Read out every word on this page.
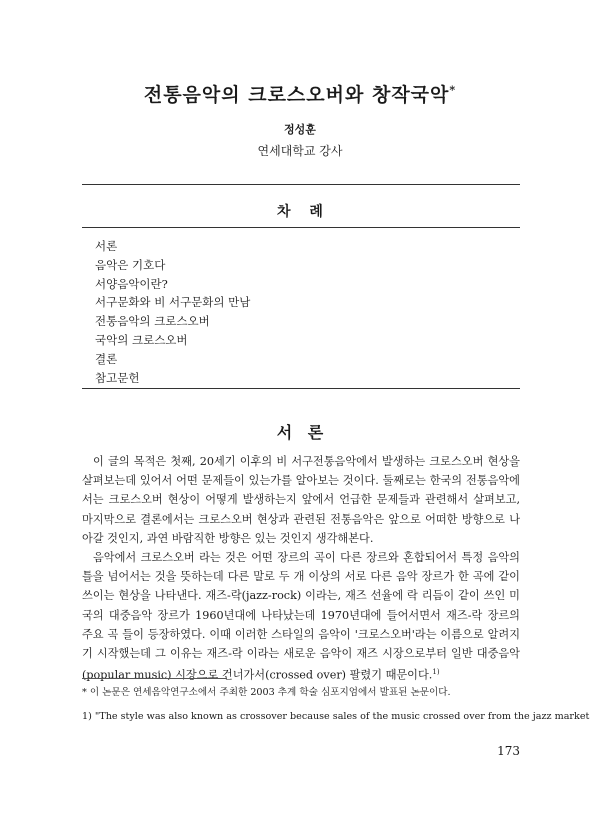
전통음악의 크로스오버와 창작국악*
정성훈
연세대학교 강사
차 례
서론
음악은 기호다
서양음악이란?
서구문화와 비 서구문화의 만남
전통음악의 크로스오버
국악의 크로스오버
결론
참고문헌
서 론

이 글의 목적은 첫째, 20세기 이후의 비 서구전통음악에서 발생하는 크로스오버 현상을 살펴보는데 있어서 어떤 문제들이 있는가를 알아보는 것이다. 둘째로는 한국의 전통음악에서는 크로스오버 현상이 어떻게 발생하는지 앞에서 언급한 문제들과 관련해서 살펴보고, 마지막으로 결론에서는 크로스오버 현상과 관련된 전통음악은 앞으로 어떠한 방향으로 나아갈 것인지, 과연 바람직한 방향은 있는 것인지 생각해본다.

음악에서 크로스오버 라는 것은 어떤 장르의 곡이 다른 장르와 혼합되어서 특정 음악의 틀을 넘어서는 것을 뜻하는데 다른 말로 두 개 이상의 서로 다른 음악 장르가 한 곡에 같이 쓰이는 현상을 나타낸다. 재즈-락(jazz-rock) 이라는, 재즈 선율에 락 리듬이 같이 쓰인 미국의 대중음악 장르가 1960년대에 나타났는데 1970년대에 들어서면서 재즈-락 장르의 주요 곡 들이 등장하였다. 이때 이러한 스타일의 음악이 '크로스오버'라는 이름으로 알려지기 시작했는데 그 이유는 재즈-락 이라는 새로운 음악이 재즈 시장으로부터 일반 대중음악(popular music) 시장으로 건너가서(crossed over) 팔렸기 때문이다.$^{1)}$

* 이 논문은 연세음악연구소에서 주최한 2003 추계 학술 심포지엄에서 발표된 논문이다.

1) "The style was also known as crossover because sales of the music crossed over from the jazz market

173
